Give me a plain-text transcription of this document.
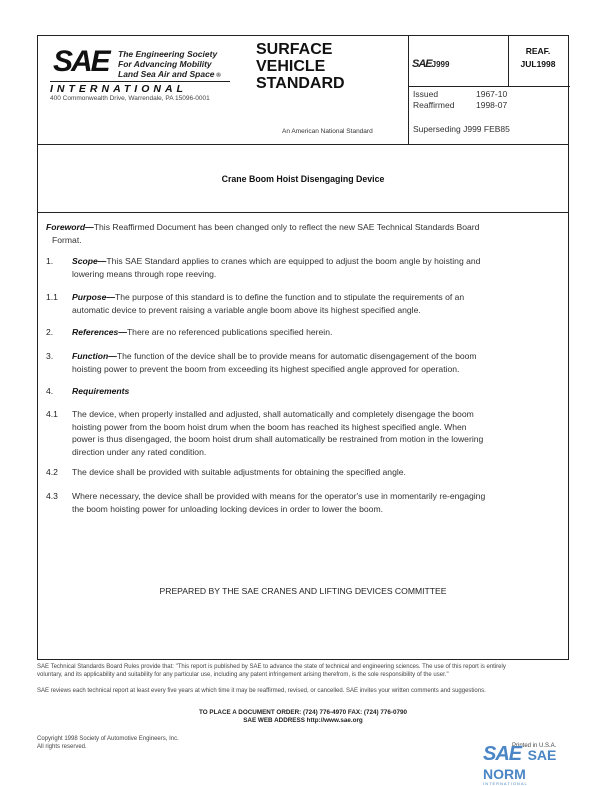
SAE The Engineering Society
For Advancing Mobility
Land Sea Air and Space ®
INTERNATIONAL
400 Commonwealth Drive, Warrendale, PA 15096-0001
SURFACE
VEHICLE
STANDARD
An American National Standard
SAEJ999
REAF.
JUL1998
Issued	1967-10
Reaffirmed	1998-07
Superseding J999 FEB85
Crane Boom Hoist Disengaging Device
Foreword—This Reaffirmed Document has been changed only to reflect the new SAE Technical Standards Board
Format.
1. Scope—This SAE Standard applies to cranes which are equipped to adjust the boom angle by hoisting and
lowering means through rope reeving.
1.1 Purpose—The purpose of this standard is to define the function and to stipulate the requirements of an
automatic device to prevent raising a variable angle boom above its highest specified angle.
2. References—There are no referenced publications specified herein.
3. Function—The function of the device shall be to provide means for automatic disengagement of the boom
hoisting power to prevent the boom from exceeding its highest specified angle approved for operation.
4. Requirements
4.1 The device, when properly installed and adjusted, shall automatically and completely disengage the boom
hoisting power from the boom hoist drum when the boom has reached its highest specified angle. When
power is thus disengaged, the boom hoist drum shall automatically be restrained from motion in the lowering
direction under any rated condition.
4.2 The device shall be provided with suitable adjustments for obtaining the specified angle.
4.3 Where necessary, the device shall be provided with means for the operator's use in momentarily re-engaging
the boom hoisting power for unloading locking devices in order to lower the boom.
PREPARED BY THE SAE CRANES AND LIFTING DEVICES COMMITTEE
SAE Technical Standards Board Rules provide that: "This report is published by SAE to advance the state of technical and engineering sciences. The use of this report is entirely
voluntary, and its applicability and suitability for any particular use, including any patent infringement arising therefrom, is the sole responsibility of the user."
SAE reviews each technical report at least every five years at which time it may be reaffirmed, revised, or cancelled. SAE invites your written comments and suggestions.
TO PLACE A DOCUMENT ORDER: (724) 776-4970 FAX: (724) 776-0790
SAE WEB ADDRESS http://www.sae.org
Copyright 1998 Society of Automotive Engineers, Inc.
All rights reserved.	Printed in U.S.A.
SAE SAE NORM
INTERNATIONAL
